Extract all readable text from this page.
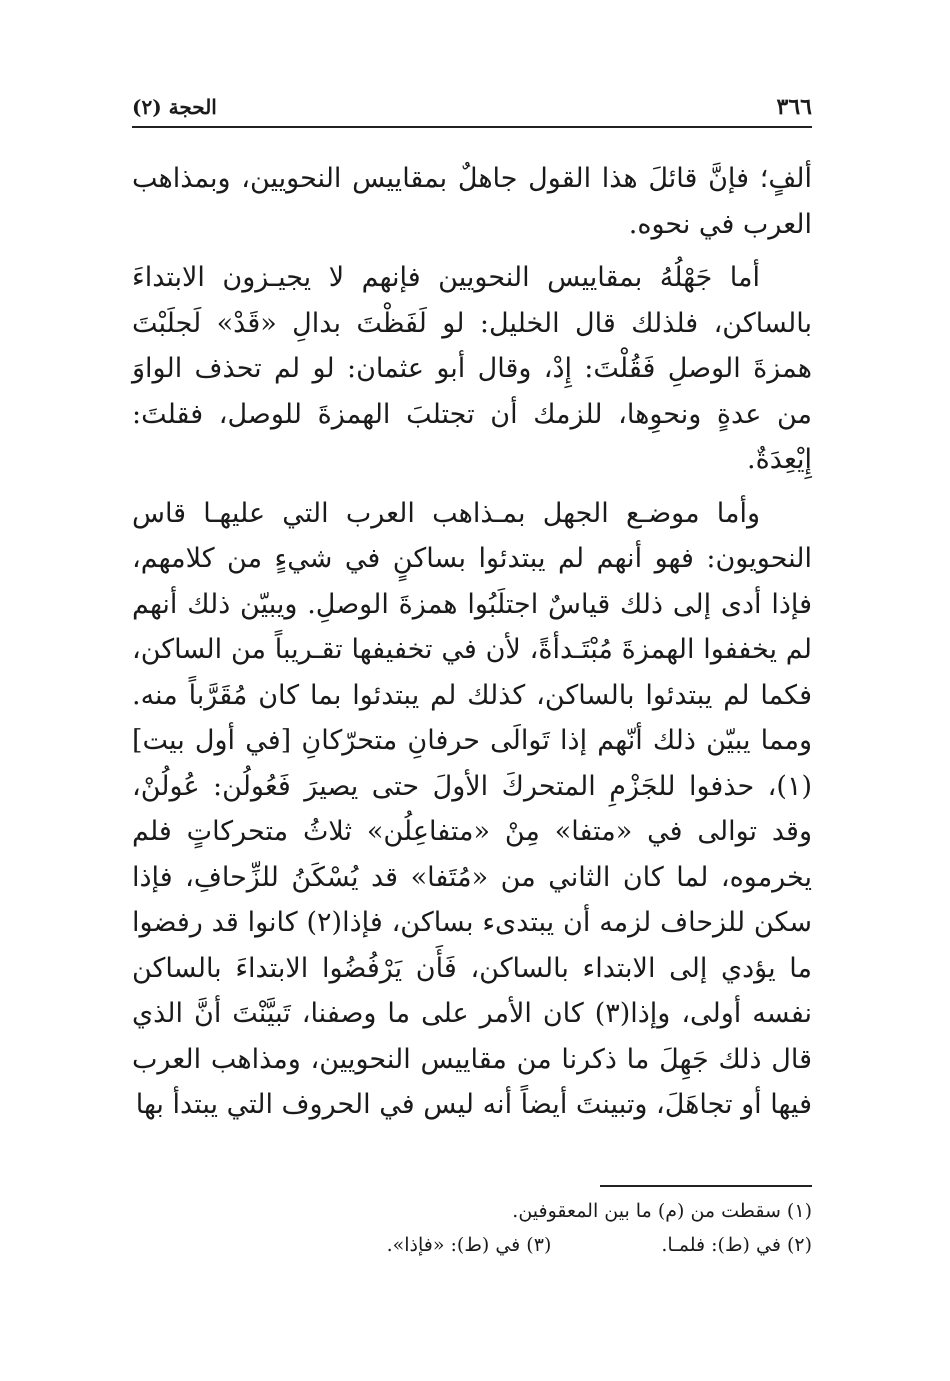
٣٦٦
الحجة (٢)

ألفٍ؛ فإنَّ قائلَ هذا القول جاهلٌ بمقاييس النحويين، وبمذاهب العرب في نحوه.

أما جَهْلُهُ بمقاييس النحويين فإنهم لا يجيـزون الابتداءَ بالساكن، فلذلك قال الخليل: لو لَفَظْتَ بدالِ «قَدْ» لَجلَبْتَ همزةَ الوصلِ فَقُلْتَ: إِدْ، وقال أبو عثمان: لو لم تحذف الواوَ من عدةٍ ونحوِها، للزمك أن تجتلبَ الهمزةَ للوصل، فقلتَ: إِيْعِدَةٌ.

وأما موضـع الجهل بمـذاهب العرب التي عليهـا قاس النحويون: فهو أنهم لم يبتدئوا بساكنٍ في شيءٍ من كلامهم، فإذا أدى إلى ذلك قياسٌ اجتلَبُوا همزةَ الوصلِ. ويبيّن ذلك أنهم لم يخففوا الهمزةَ مُبْتَـدأةً، لأن في تخفيفها تقـريباً من الساكن، فكما لم يبتدئوا بالساكن، كذلك لم يبتدئوا بما كان مُقَرَّباً منه. ومما يبيّن ذلك أنّهم إذا تَوالَى حرفانِ متحرّكانِ [في أول بيت](١)، حذفوا للجَزْمِ المتحركَ الأولَ حتى يصيرَ فَعُولُن: عُولُنْ، وقد توالى في «متفا» مِنْ «متفاعِلُن» ثلاثُ متحركاتٍ فلم يخرموه، لما كان الثاني من «مُتَفا» قد يُسْكَنُ للزِّحافِ، فإذا سكن للزحاف لزمه أن يبتدىء بساكن، فإذا(٢) كانوا قد رفضوا ما يؤدي إلى الابتداء بالساكن، فَأَن يَرْفُضُوا الابتداءَ بالساكن نفسه أولى، وإذا(٣) كان الأمر على ما وصفنا، تَبيَّنْتَ أنَّ الذي قال ذلك جَهِلَ ما ذكرنا من مقاييس النحويين، ومذاهب العرب فيها أو تجاهَلَ، وتبينتَ أيضاً أنه ليس في الحروف التي يبتدأ بها

(١) سقطت من (م) ما بين المعقوفين.
(٢) في (ط): فلمـا.
(٣) في (ط): «فإذا».
